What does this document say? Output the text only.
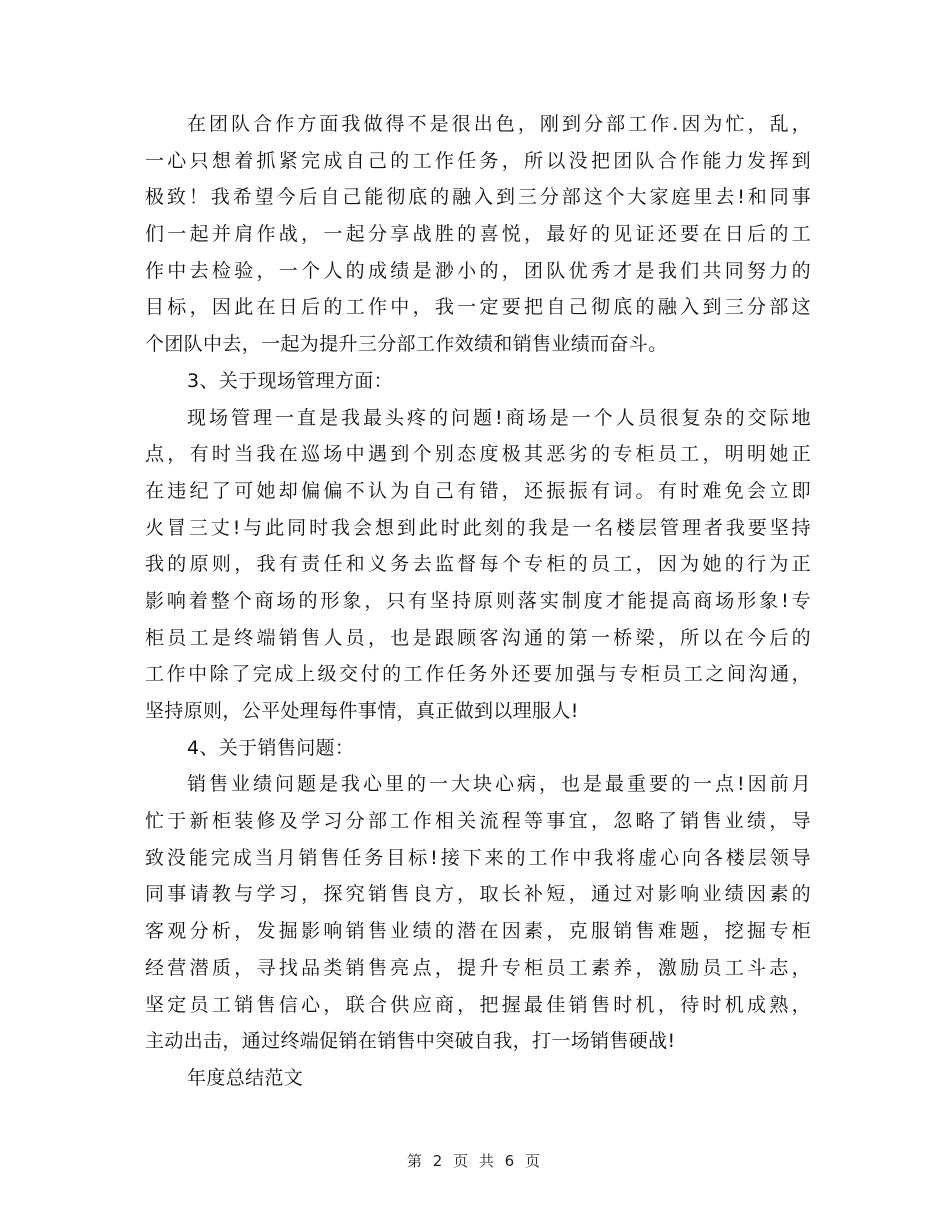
在团队合作方面我做得不是很出色，刚到分部工作.因为忙，乱，
一心只想着抓紧完成自己的工作任务，所以没把团队合作能力发挥到
极致！我希望今后自己能彻底的融入到三分部这个大家庭里去!和同事
们一起并肩作战，一起分享战胜的喜悦，最好的见证还要在日后的工
作中去检验，一个人的成绩是渺小的，团队优秀才是我们共同努力的
目标，因此在日后的工作中，我一定要把自己彻底的融入到三分部这
个团队中去，一起为提升三分部工作效绩和销售业绩而奋斗。
3、关于现场管理方面：
现场管理一直是我最头疼的问题!商场是一个人员很复杂的交际地
点，有时当我在巡场中遇到个别态度极其恶劣的专柜员工，明明她正
在违纪了可她却偏偏不认为自己有错，还振振有词。有时难免会立即
火冒三丈!与此同时我会想到此时此刻的我是一名楼层管理者我要坚持
我的原则，我有责任和义务去监督每个专柜的员工，因为她的行为正
影响着整个商场的形象，只有坚持原则落实制度才能提高商场形象!专
柜员工是终端销售人员，也是跟顾客沟通的第一桥梁，所以在今后的
工作中除了完成上级交付的工作任务外还要加强与专柜员工之间沟通，
坚持原则，公平处理每件事情，真正做到以理服人!
4、关于销售问题：
销售业绩问题是我心里的一大块心病，也是最重要的一点!因前月
忙于新柜装修及学习分部工作相关流程等事宜，忽略了销售业绩，导
致没能完成当月销售任务目标!接下来的工作中我将虚心向各楼层领导
同事请教与学习，探究销售良方，取长补短，通过对影响业绩因素的
客观分析，发掘影响销售业绩的潜在因素，克服销售难题，挖掘专柜
经营潜质，寻找品类销售亮点，提升专柜员工素养，激励员工斗志，
坚定员工销售信心，联合供应商，把握最佳销售时机，待时机成熟，
主动出击，通过终端促销在销售中突破自我，打一场销售硬战!
年度总结范文
第 2 页 共 6 页
